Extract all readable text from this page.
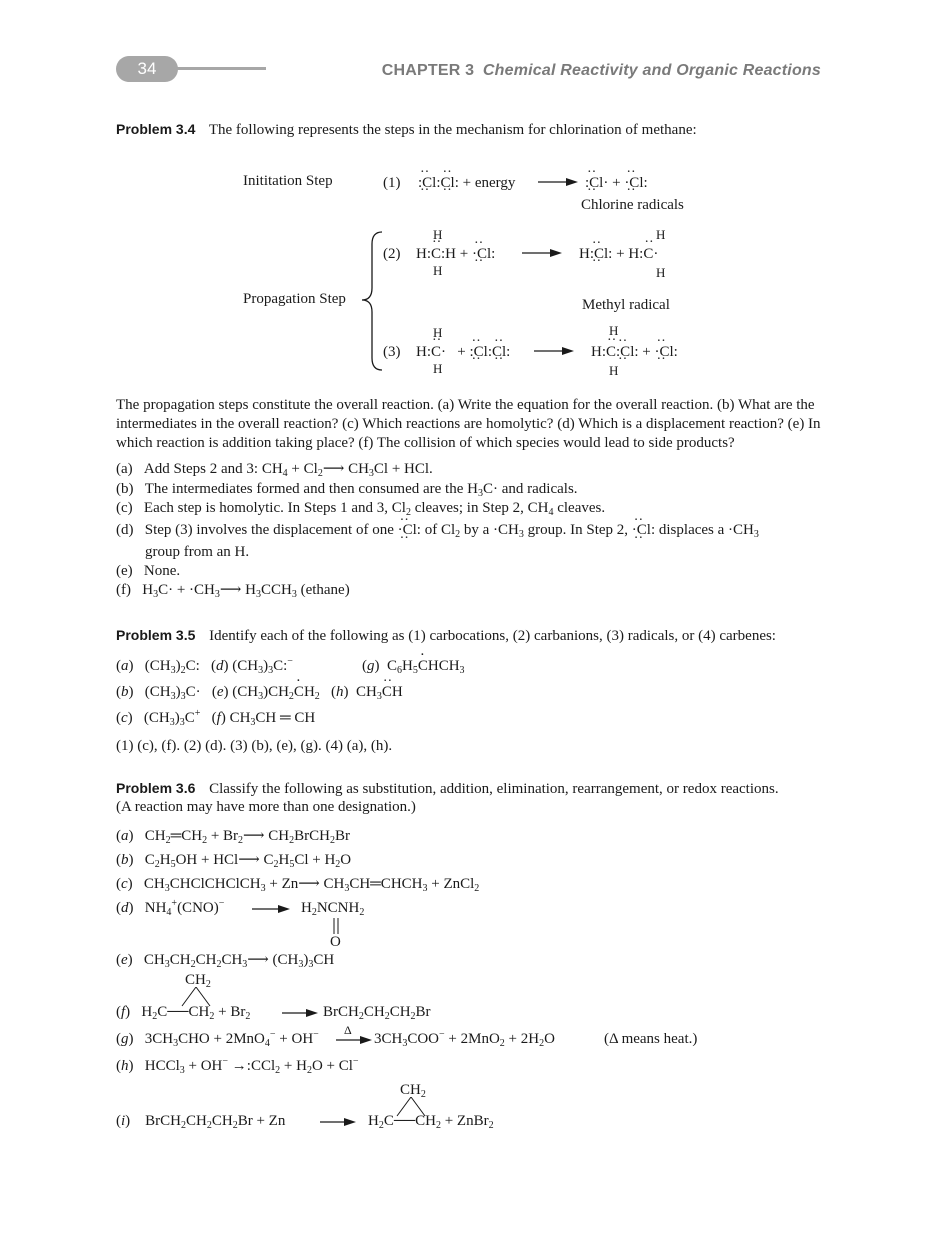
34	CHAPTER 3 Chemical Reactivity and Organic Reactions
Problem 3.4 The following represents the steps in the mechanism for chlorination of methane:
Inititation Step	(1) ·· :Cl: ···· Cl: ·· + energy → ·· :Cl· ·· + ·· ·Cl: ··
Chlorine radicals
Propagation Step
(2)
H
H:·· C:H + ·· ·Cl: ··
H
→ H·· :Cl: ·· + H:·· C·
H
H
Methyl radical
(3)
H
H:·· C·   + ·· :Cl: ···· Cl: ··
H
H
H:·· C·· :Cl: ·· + ·· ·Cl: ··
H
The propagation steps constitute the overall reaction. (a) Write the equation for the overall reaction. (b) What are the intermediates in the overall reaction? (c) Which reactions are homolytic? (d) Which is a displacement reaction? (e) In which reaction is addition taking place? (f) The collision of which species would lead to side products?
(a) Add Steps 2 and 3: $CH_4$ + $Cl_2⟶$ $CH_3Cl$ + HCl.
(b) The intermediates formed and then consumed are the $H_3C\cdot$ and radicals.
(c) Each step is homolytic. In Steps 1 and 3, $Cl_2$ cleaves; in Step 2, $CH_4$ cleaves.
(d) Step (3) involves the displacement of one ·· ·Cl: ·· of $Cl_2$ by $a \cdot CH_3$ group. In Step 2, ·· ·Cl: ·· displaces $a \cdot CH_3$
group from an H.
(e) None.
(f)   $H_3C\cdot$ + $\cdot CH_3⟶$ $H_3CCH_3$ (ethane)
Problem 3.5 Identify each of the following as (1) carbocations, (2) carbanions, (3) radicals, or (4) carbenes:
(a)   $(CH_3)_2C$:   (d) $(CH_3)_3C:^-$	(g)  $C_6H_5\cdot$ $CHCH_3$
(b)   $(CH_3)_3C\cdot (e)$ $(CH_3)CH_2\cdot CH_2$   (h)  $CH_3\cdot\cdot$ CH
(c)   $(CH_3)_3C^+$   (f) $CH_3CH$ ═ CH
(1) (c), (f). (2) (d). (3) (b), (e), (g). (4) (a), (h).
Problem 3.6 Classify the following as substitution, addition, elimination, rearrangement, or redox reactions.
(A reaction may have more than one designation.)
(a)   $CH_2═CH_2$ + $Br_2⟶$ $CH_2BrCH_2Br$
(b)   $C_2H_5OH$ + HCl⟶ $C_2H_5Cl + H_2O$
(c)   $CH_3CHClCHClCH_3$ + Zn⟶ $CH_3CH═CHCH_3$ + ZnCl$_2$
(d)   $NH_4^+(CNO)^-$ → $H_2NCNH_2$
O
(e)   $CH_3CH_2CH_2CH_3⟶$ $(CH_3)_3CH$
$CH_2$
(f)   $H_2C──CH_2 + Br_2$ → $BrCH_2CH_2CH_2Br$
(g)   $3CH_3CHO + 2MnO_4^- + OH^-$ Δ
→ $3CH_3COO^- + 2MnO_2 + 2H_2O$	(Δ means heat.)
(h)   HCCl$_3$ + OH− →:CCl$_2$ + $H_2O + Cl^-$
$CH_2$
(i)    $BrCH_2CH_2CH_2Br + Zn$ → $H_2C──CH_2$ + ZnBr$_2$
